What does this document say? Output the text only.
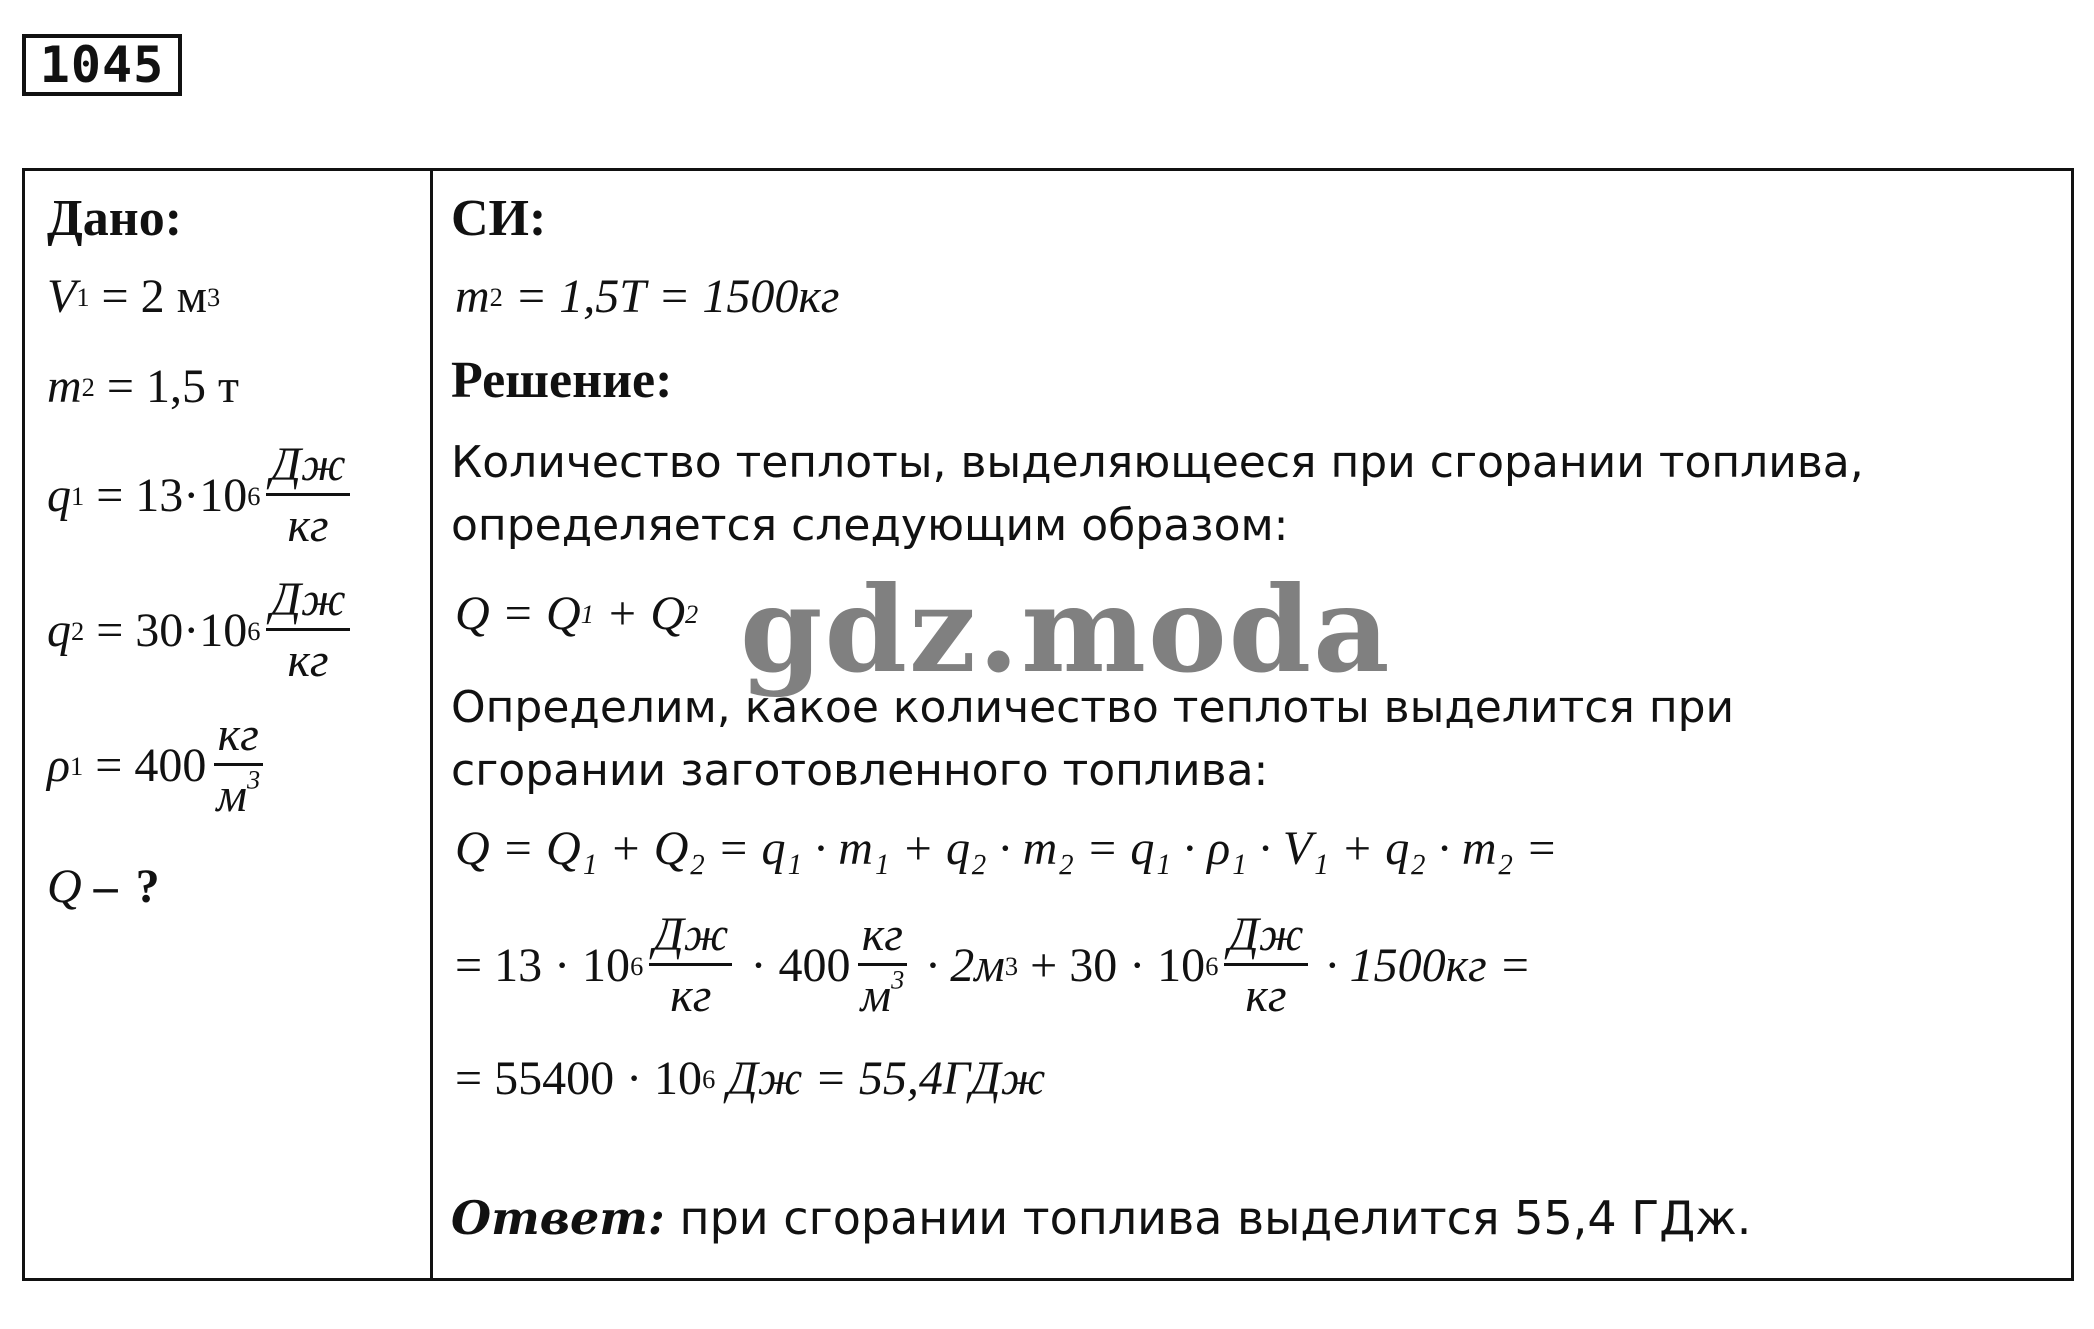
1045
Дано:
V 1 = 2 м 3
m 2 = 1,5 т
q 1 = 13·10 $6 \frac{Дж}{кг}$
q 2 = 30·10 $6 \frac{Дж}{кг}$
ρ $1 = 400 \frac{кг}{м^3}$
Q – ?
СИ:
m 2 = 1,5Т = 1500кг
Решение:
Количество теплоты, выделяющееся при сгорании топлива, определяется следующим образом:
Q = Q 1 + Q 2
Определим, какое количество теплоты выделится при сгорании заготовленного топлива:
Q = Q₁ + Q₂ = q₁ · m₁ + q₂ · m₂ = q₁ · ρ₁ · V₁ + q₂ · m₂ =
= 13 · 10 $6 \frac{Дж}{кг} \cdot 400 \frac{кг}{м^3} \cdot 2м$ 3 + 30 · 10 $6 \frac{Дж}{кг} \cdot 1500кг$ =
= 55400 · 10 6 Дж = 55,4ГДж
Ответ: при сгорании топлива выделится 55,4 ГДж.
gdz.moda
